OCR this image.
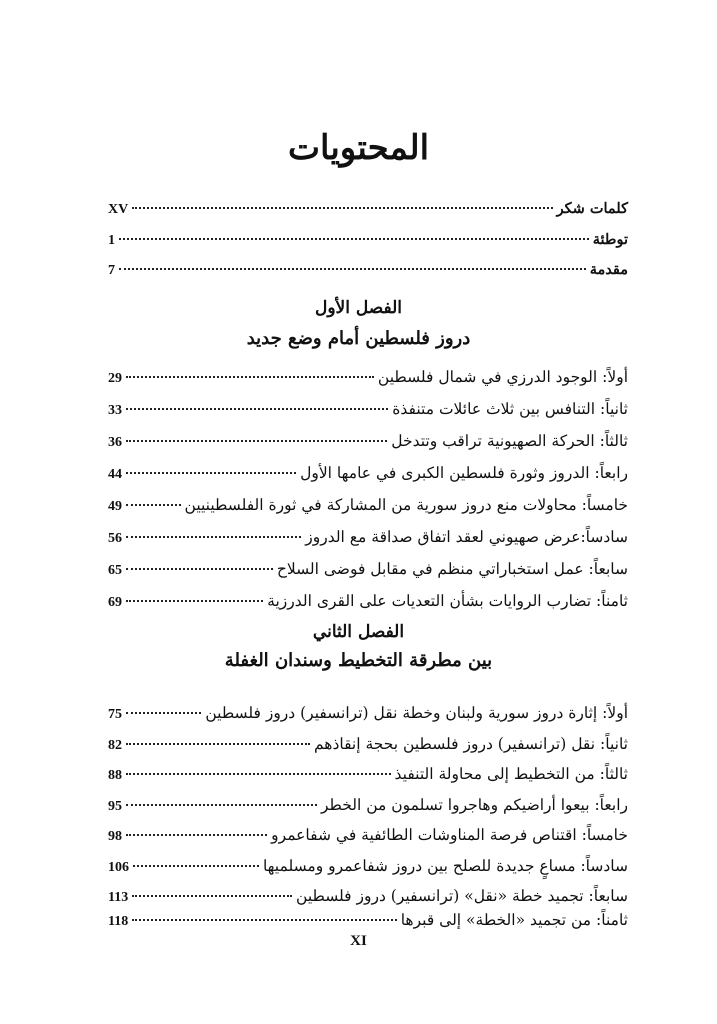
المحتويات
كلمات شكر
XV
توطئة
1
مقدمة
7
الفصل الأول
دروز فلسطين أمام وضع جديد
أولاً: الوجود الدرزي في شمال فلسطين
29
ثانياً: التنافس بين ثلاث عائلات متنفذة
33
ثالثاً: الحركة الصهيونية تراقب وتتدخل
36
رابعاً: الدروز وثورة فلسطين الكبرى في عامها الأول
44
خامساً: محاولات منع دروز سورية من المشاركة في ثورة الفلسطينيين
49
سادساً:عرض صهيوني لعقد اتفاق صداقة مع الدروز
56
سابعاً: عمل استخباراتي منظم في مقابل فوضى السلاح
65
ثامناً: تضارب الروايات بشأن التعديات على القرى الدرزية
69
الفصل الثاني
بين مطرقة التخطيط وسندان الغفلة
أولاً: إثارة دروز سورية ولبنان وخطة نقل (ترانسفير) دروز فلسطين
75
ثانياً: نقل (ترانسفير) دروز فلسطين بحجة إنقاذهم
82
ثالثاً: من التخطيط إلى محاولة التنفيذ
88
رابعاً: بيعوا أراضيكم وهاجروا تسلمون من الخطر
95
خامساً: اقتناص فرصة المناوشات الطائفية في شفاعمرو
98
سادساً: مساعٍ جديدة للصلح بين دروز شفاعمرو ومسلميها
106
سابعاً: تجميد خطة «نقل» (ترانسفير) دروز فلسطين
113
ثامناً: من تجميد «الخطة» إلى قبرها
118
XI
